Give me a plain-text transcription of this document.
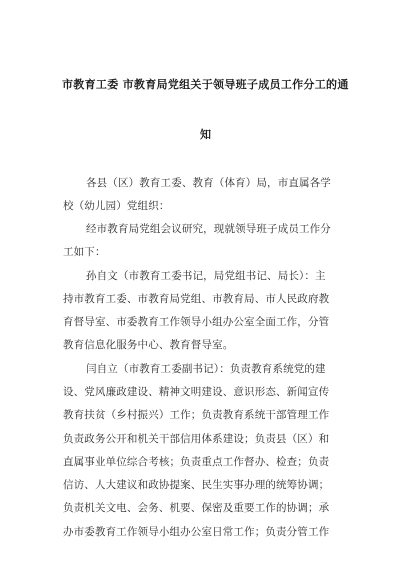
市教育工委 市教育局党组关于领导班子成员工作分工的通
知
各县（区）教育工委、教育（体育）局，市直属各学
校（幼儿园）党组织：
经市教育局党组会议研究，现就领导班子成员工作分
工如下：
孙自文（市教育工委书记，局党组书记、局长）：主
持市教育工委、市教育局党组、市教育局、市人民政府教
育督导室、市委教育工作领导小组办公室全面工作，分管
教育信息化服务中心、教育督导室。
闫自立（市教育工委副书记）：负责教育系统党的建
设、党风廉政建设、精神文明建设、意识形态、新闻宣传
教育扶贫（乡村振兴）工作；负责教育系统干部管理工作
负责政务公开和机关干部信用体系建设；负责县（区）和
直属事业单位综合考核；负责重点工作督办、检查；负责
信访、人大建议和政协提案、民生实事办理的统筹协调；
负责机关文电、会务、机要、保密及重要工作的协调；承
办市委教育工作领导小组办公室日常工作；负责分管工作
